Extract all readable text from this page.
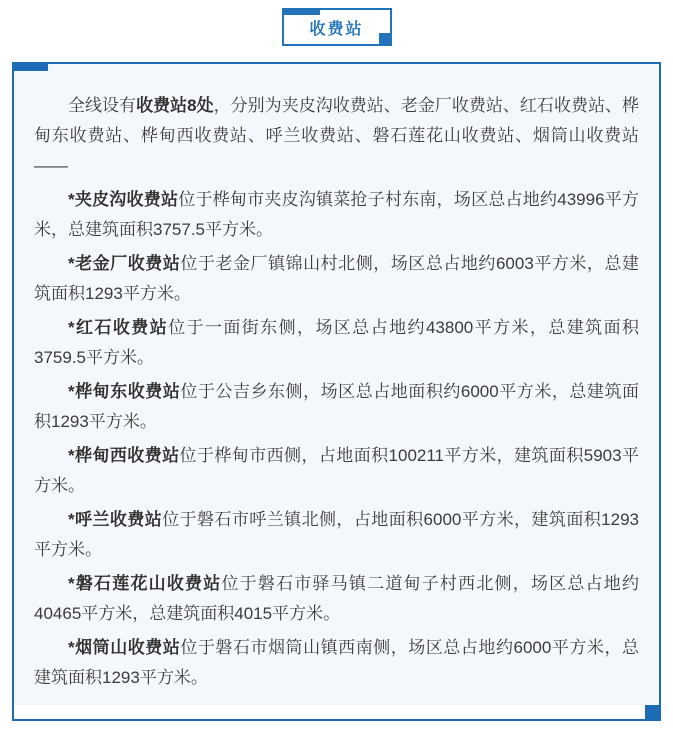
收费站

全线设有收费站8处，分别为夹皮沟收费站、老金厂收费站、红石收费站、桦甸东收费站、桦甸西收费站、呼兰收费站、磐石莲花山收费站、烟筒山收费站——

*夹皮沟收费站位于桦甸市夹皮沟镇菜抢子村东南，场区总占地约43996平方米，总建筑面积3757.5平方米。

*老金厂收费站位于老金厂镇锦山村北侧，场区总占地约6003平方米，总建筑面积1293平方米。

*红石收费站位于一面街东侧，场区总占地约43800平方米，总建筑面积3759.5平方米。

*桦甸东收费站位于公吉乡东侧，场区总占地面积约6000平方米，总建筑面积1293平方米。

*桦甸西收费站位于桦甸市西侧，占地面积100211平方米，建筑面积5903平方米。

*呼兰收费站位于磐石市呼兰镇北侧，占地面积6000平方米，建筑面积1293平方米。

*磐石莲花山收费站位于磐石市驿马镇二道甸子村西北侧，场区总占地约40465平方米，总建筑面积4015平方米。

*烟筒山收费站位于磐石市烟筒山镇西南侧，场区总占地约6000平方米，总建筑面积1293平方米。
